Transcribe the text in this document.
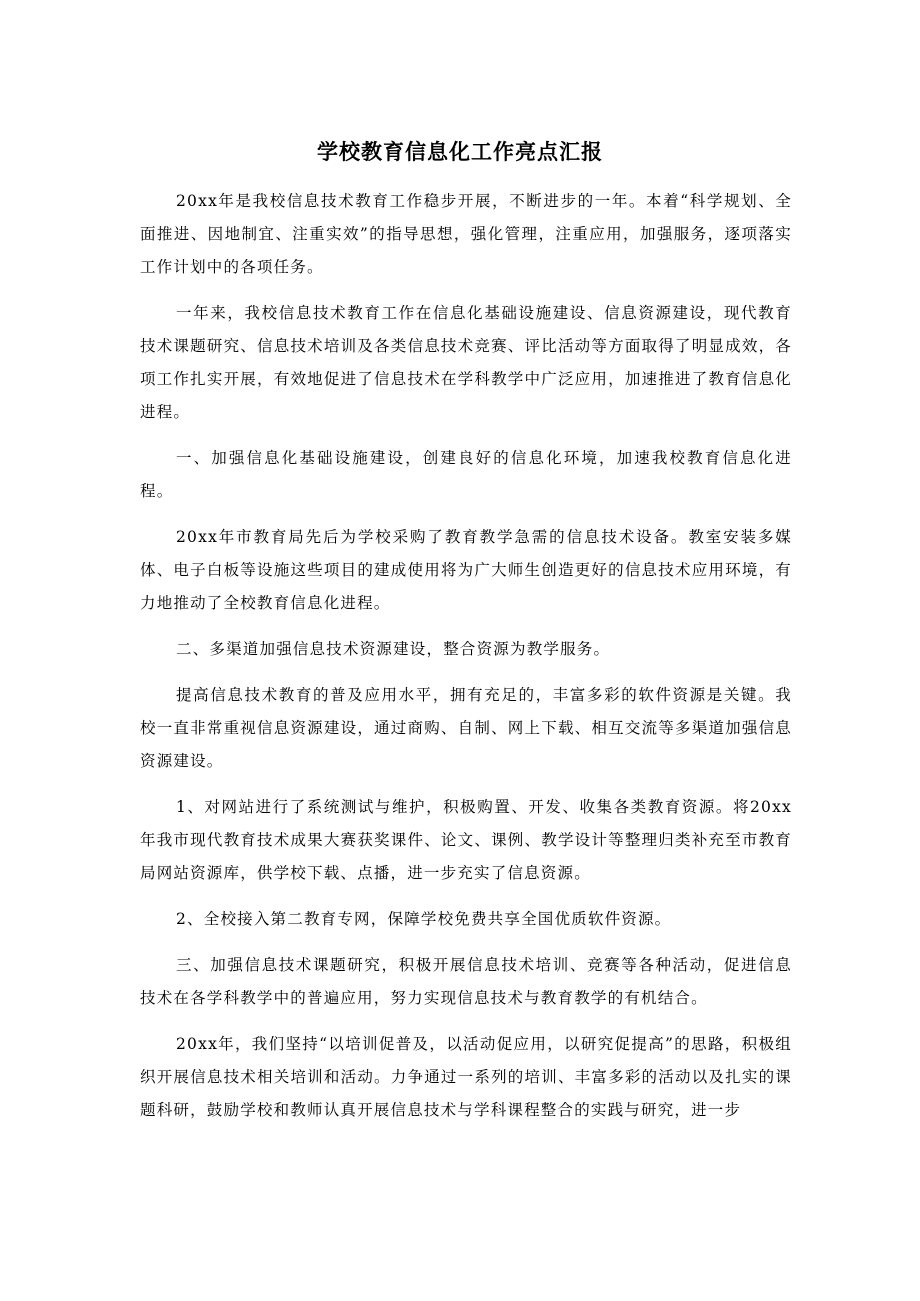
学校教育信息化工作亮点汇报

20xx年是我校信息技术教育工作稳步开展，不断进步的一年。本着“科学规划、全面推进、因地制宜、注重实效”的指导思想，强化管理，注重应用，加强服务，逐项落实工作计划中的各项任务。

一年来，我校信息技术教育工作在信息化基础设施建设、信息资源建设，现代教育技术课题研究、信息技术培训及各类信息技术竞赛、评比活动等方面取得了明显成效，各项工作扎实开展，有效地促进了信息技术在学科教学中广泛应用，加速推进了教育信息化进程。

一、加强信息化基础设施建设，创建良好的信息化环境，加速我校教育信息化进程。

20xx年市教育局先后为学校采购了教育教学急需的信息技术设备。教室安装多媒体、电子白板等设施这些项目的建成使用将为广大师生创造更好的信息技术应用环境，有力地推动了全校教育信息化进程。

二、多渠道加强信息技术资源建设，整合资源为教学服务。

提高信息技术教育的普及应用水平，拥有充足的，丰富多彩的软件资源是关键。我校一直非常重视信息资源建设，通过商购、自制、网上下载、相互交流等多渠道加强信息资源建设。

1、对网站进行了系统测试与维护，积极购置、开发、收集各类教育资源。将20xx年我市现代教育技术成果大赛获奖课件、论文、课例、教学设计等整理归类补充至市教育局网站资源库，供学校下载、点播，进一步充实了信息资源。

2、全校接入第二教育专网，保障学校免费共享全国优质软件资源。

三、加强信息技术课题研究，积极开展信息技术培训、竞赛等各种活动，促进信息技术在各学科教学中的普遍应用，努力实现信息技术与教育教学的有机结合。

20xx年，我们坚持“以培训促普及，以活动促应用，以研究促提高”的思路，积极组织开展信息技术相关培训和活动。力争通过一系列的培训、丰富多彩的活动以及扎实的课题科研，鼓励学校和教师认真开展信息技术与学科课程整合的实践与研究，进一步
